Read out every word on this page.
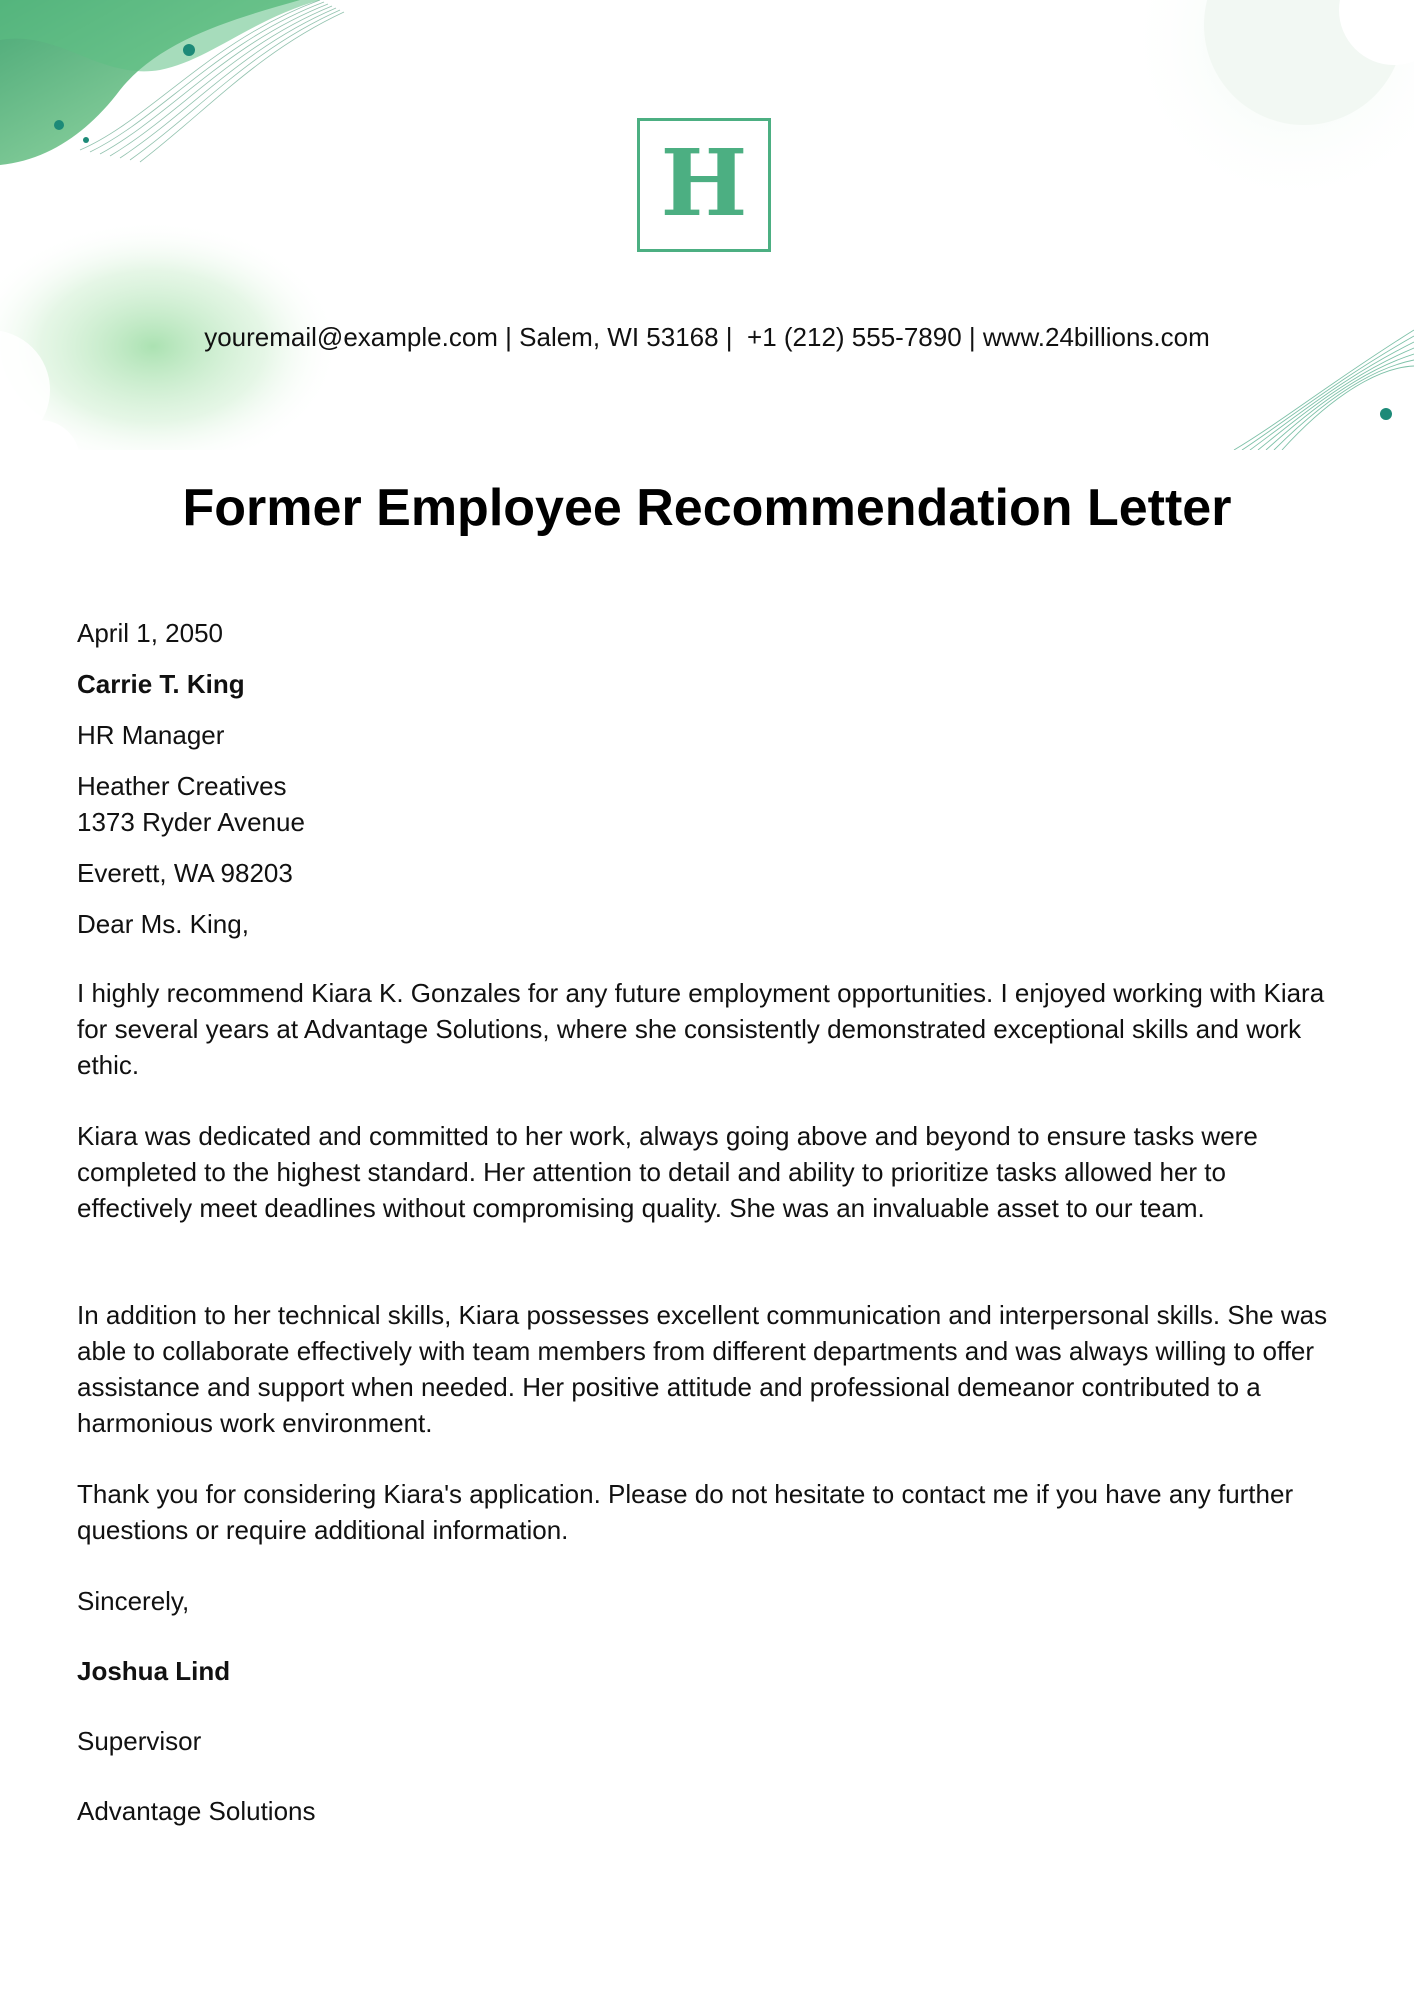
H
youremail@example.com | Salem, WI 53168 |  +1 (212) 555-7890 | www.24billions.com
Former Employee Recommendation Letter

April 1, 2050

Carrie T. King

HR Manager

Heather Creatives

1373 Ryder Avenue

Everett, WA 98203

Dear Ms. King,

I highly recommend Kiara K. Gonzales for any future employment opportunities. I enjoyed working with Kiara for several years at Advantage Solutions, where she consistently demonstrated exceptional skills and work ethic.

Kiara was dedicated and committed to her work, always going above and beyond to ensure tasks were completed to the highest standard. Her attention to detail and ability to prioritize tasks allowed her to effectively meet deadlines without compromising quality. She was an invaluable asset to our team.

In addition to her technical skills, Kiara possesses excellent communication and interpersonal skills. She was able to collaborate effectively with team members from different departments and was always willing to offer assistance and support when needed. Her positive attitude and professional demeanor contributed to a harmonious work environment.

Thank you for considering Kiara's application. Please do not hesitate to contact me if you have any further questions or require additional information.

Sincerely,

Joshua Lind

Supervisor

Advantage Solutions
